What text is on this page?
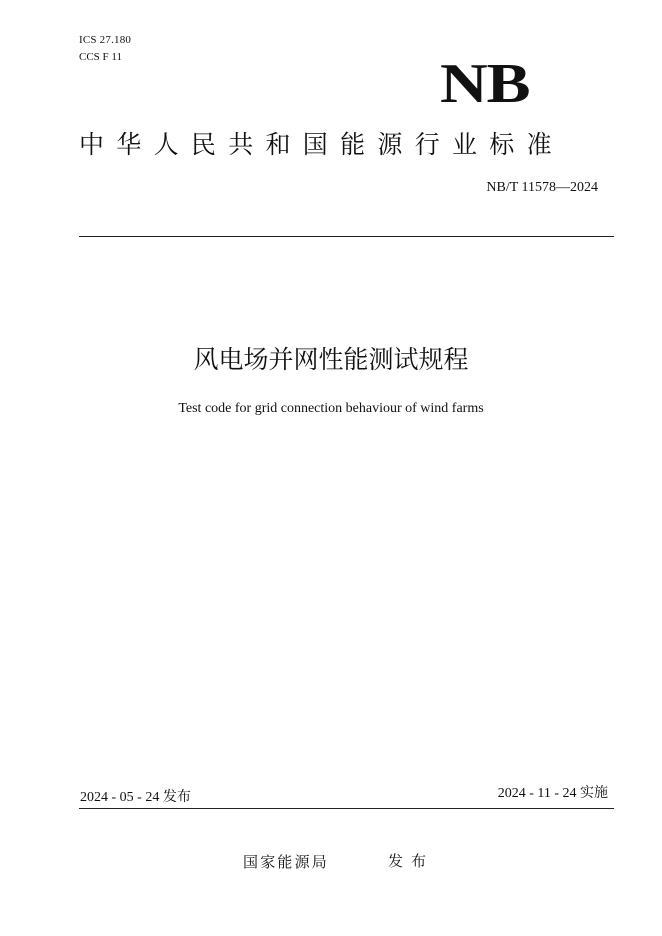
ICS 27.180
CCS F 11	NB
中华人民共和国能源行业标准
NB/T 11578—2024
风电场并网性能测试规程
Test code for grid connection behaviour of wind farms
2024 - 05 - 24 发布	2024 - 11 - 24 实施
国家能源局	发布
